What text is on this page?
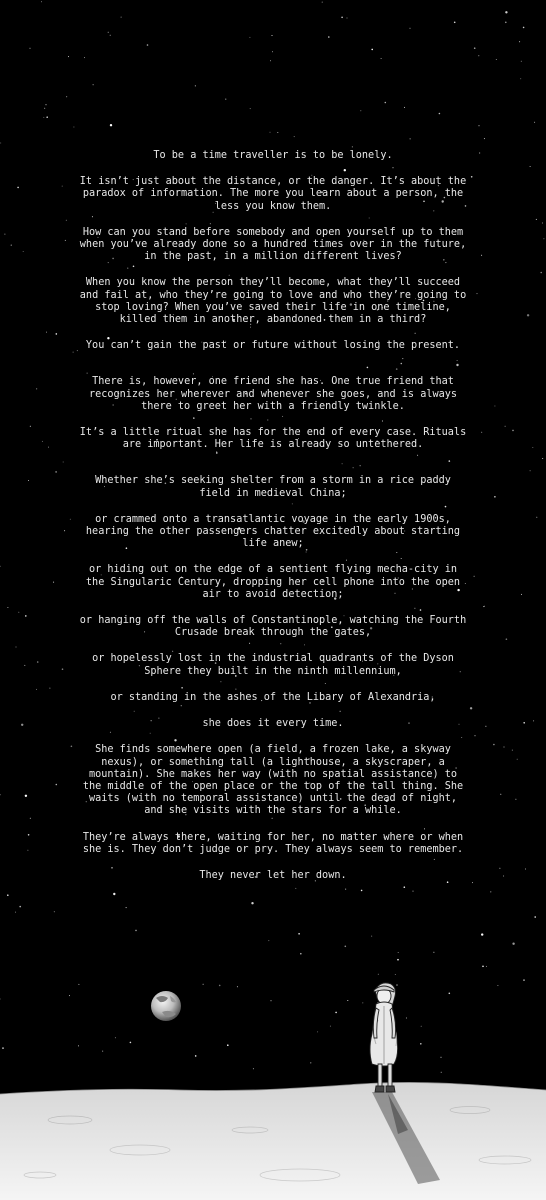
To be a time traveller is to be lonely.
It isn’t just about the distance, or the danger. It’s about the paradox of information. The more you learn about a person, the less you know them.
How can you stand before somebody and open yourself up to them when you’ve already done so a hundred times over in the future, in the past, in a million different lives?
When you know the person they’ll become, what they’ll succeed and fail at, who they’re going to love and who they’re going to stop loving? When you’ve saved their life in one timeline, killed them in another, abandoned them in a third?
You can’t gain the past or future without losing the present.
There is, however, one friend she has. One true friend that recognizes her wherever and whenever she goes, and is always there to greet her with a friendly twinkle.
It’s a little ritual she has for the end of every case. Rituals are important. Her life is already so untethered.
Whether she’s seeking shelter from a storm in a rice paddy field in medieval China;
or crammed onto a transatlantic voyage in the early 1900s, hearing the other passengers chatter excitedly about starting life anew;
or hiding out on the edge of a sentient flying mecha-city in the Singularic Century, dropping her cell phone into the open air to avoid detection;
or hanging off the walls of Constantinople, watching the Fourth Crusade break through the gates,
or hopelessly lost in the industrial quadrants of the Dyson Sphere they built in the ninth millennium,
or standing in the ashes of the Libary of Alexandria,
she does it every time.
She finds somewhere open (a field, a frozen lake, a skyway nexus), or something tall (a lighthouse, a skyscraper, a mountain). She makes her way (with no spatial assistance) to the middle of the open place or the top of the tall thing. She waits (with no temporal assistance) until the dead of night, and she visits with the stars for a while.
They’re always there, waiting for her, no matter where or when she is. They don’t judge or pry. They always seem to remember.
They never let her down.
